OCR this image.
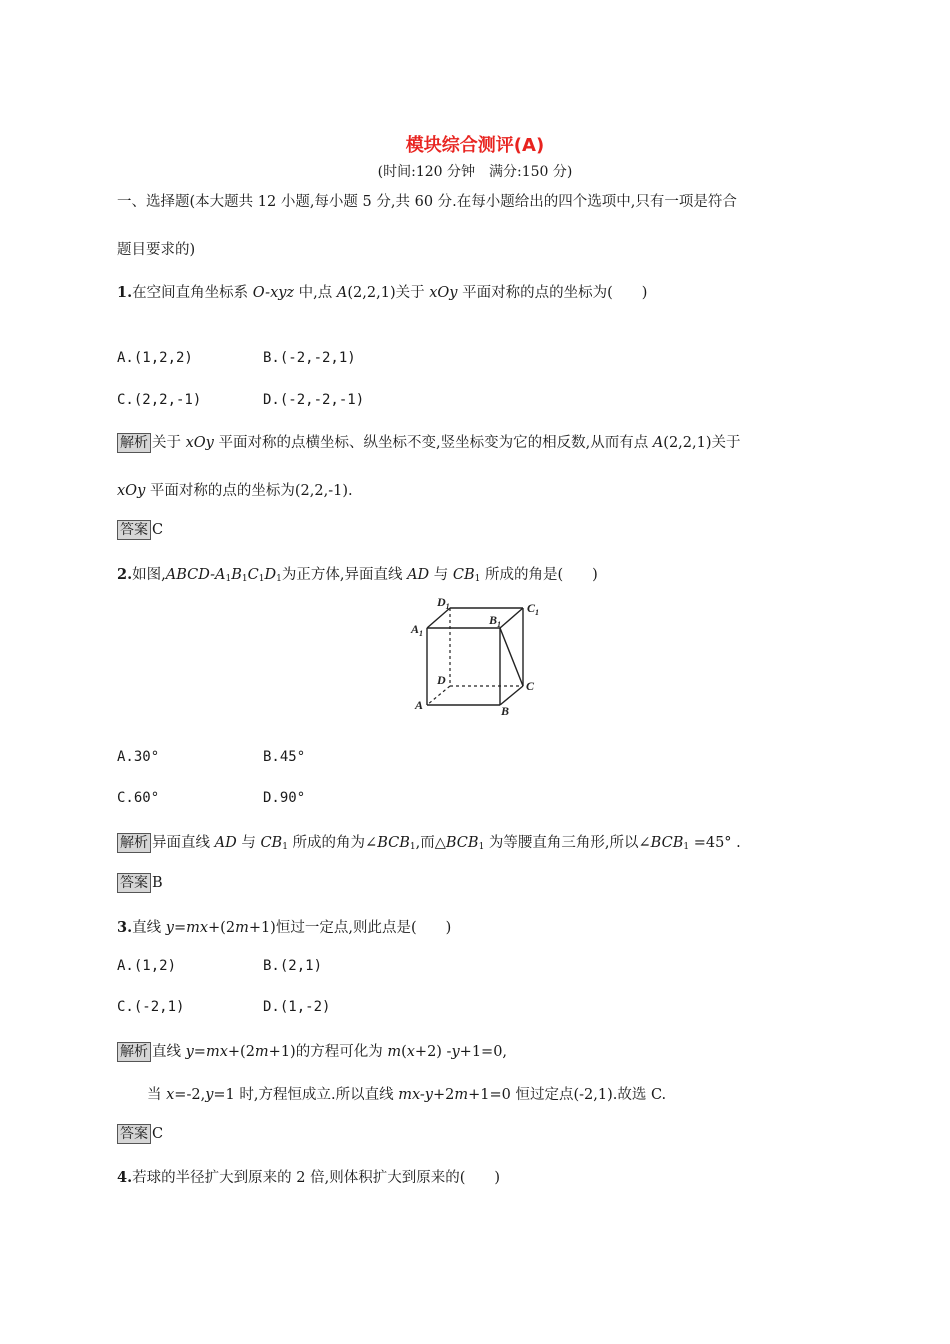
模块综合测评(A)
(时间:120 分钟　满分:150 分)
一、选择题(本大题共 12 小题,每小题 5 分,共 60 分.在每小题给出的四个选项中,只有一项是符合
题目要求的)
1.在空间直角坐标系 O-xyz 中,点 A(2,2,1)关于 xOy 平面对称的点的坐标为(　　)
A.(1,2,2)	B.(-2,-2,1)
C.(2,2,-1)	D.(-2,-2,-1)
解析 关于 xOy 平面对称的点横坐标、纵坐标不变,竖坐标变为它的相反数,从而有点 A(2,2,1)关于
xOy 平面对称的点的坐标为(2,2,-1).
答案 C
2.如图$,ABCD-A_1B_1C_1D_1$为正方体,异面直线 AD 与 $CB_1$ 所成的角是(　　)
$D_1$	$C_1$
$A_1$
$B_1$
D	C
A	B
A.30°	B.45°
C.60°	D.90°
解析 异面直线 AD 与 $CB_1$ 所成的角为$\angle BCB_1$,而$\triangle BCB_1$ 为等腰直角三角形,所以$\angle BCB_1 =45^\circ$ .
答案 B
3.直线 y=mx+(2m+1)恒过一定点,则此点是(　　)
A.(1,2)	B.(2,1)
C.(-2,1)	D.(1,-2)
解析 直线 y=mx+(2m+1)的方程可化为 m(x+2) -y+1=0,
当 x=-2,y=1 时,方程恒成立.所以直线 mx-y+2m+1=0 恒过定点(-2,1).故选 C.
答案 C
4.若球的半径扩大到原来的 2 倍,则体积扩大到原来的(　　)
